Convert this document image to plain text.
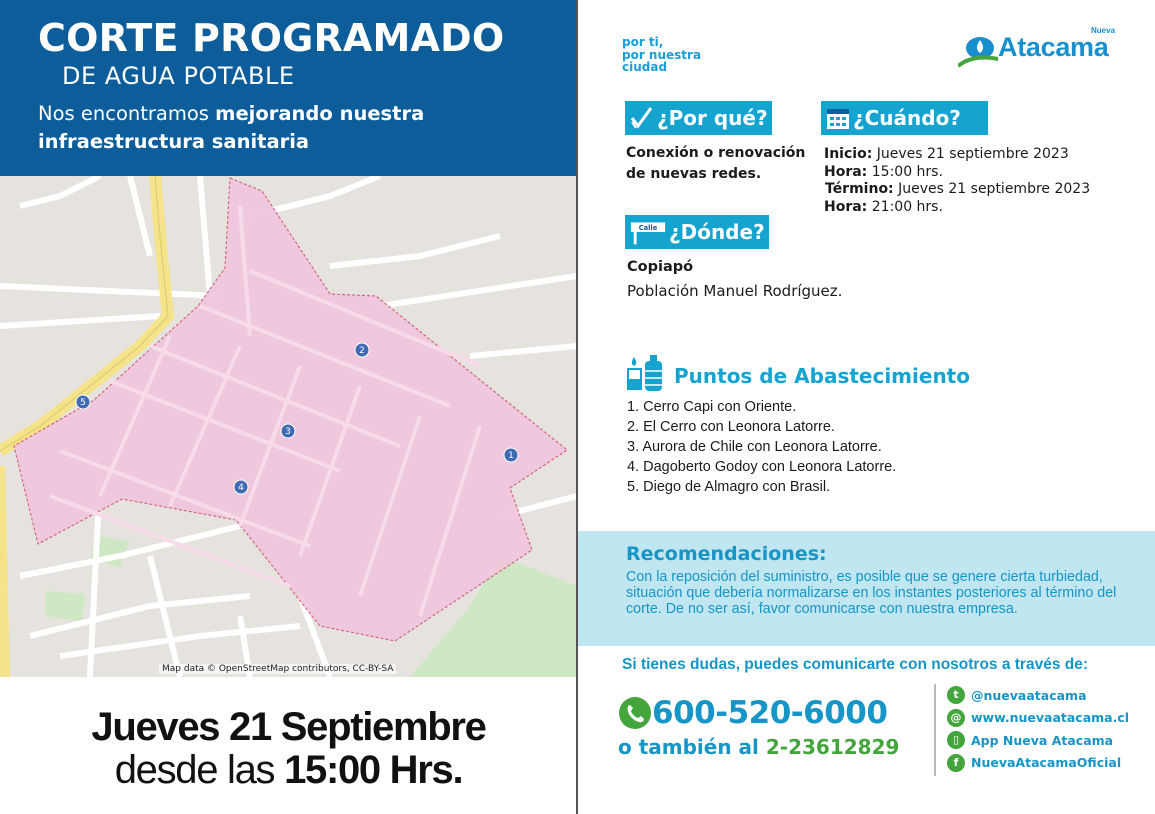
CORTE PROGRAMADO
DE AGUA POTABLE
Nos encontramos mejorando nuestra infraestructura sanitaria
1
2
3
4
5
Map data © OpenStreetMap contributors, CC-BY-SA
Jueves 21 Septiembre
desde las 15:00 Hrs.
por ti,
por nuestra
ciudad
Atacama
Nueva
¿Por qué?
Conexión o renovación de nuevas redes.
¿Cuándo?
Inicio: Jueves 21 septiembre 2023
Hora: 15:00 hrs.
Término: Jueves 21 septiembre 2023
Hora: 21:00 hrs.
Calle ¿Dónde?
Copiapó
Población Manuel Rodríguez.
Puntos de Abastecimiento
1. Cerro Capi con Oriente.
2. El Cerro con Leonora Latorre.
3. Aurora de Chile con Leonora Latorre.
4. Dagoberto Godoy con Leonora Latorre.
5. Diego de Almagro con Brasil.
Recomendaciones:
Con la reposición del suministro, es posible que se genere cierta turbiedad, situación que debería normalizarse en los instantes posteriores al término del corte. De no ser así, favor comunicarse con nuestra empresa.
Si tienes dudas, puedes comunicarte con nosotros a través de:
600-520-6000
o también al 2-23612829
t @nuevaatacama
@ www.nuevaatacama.cl
▯ App Nueva Atacama
f	NuevaAtacamaOficial
